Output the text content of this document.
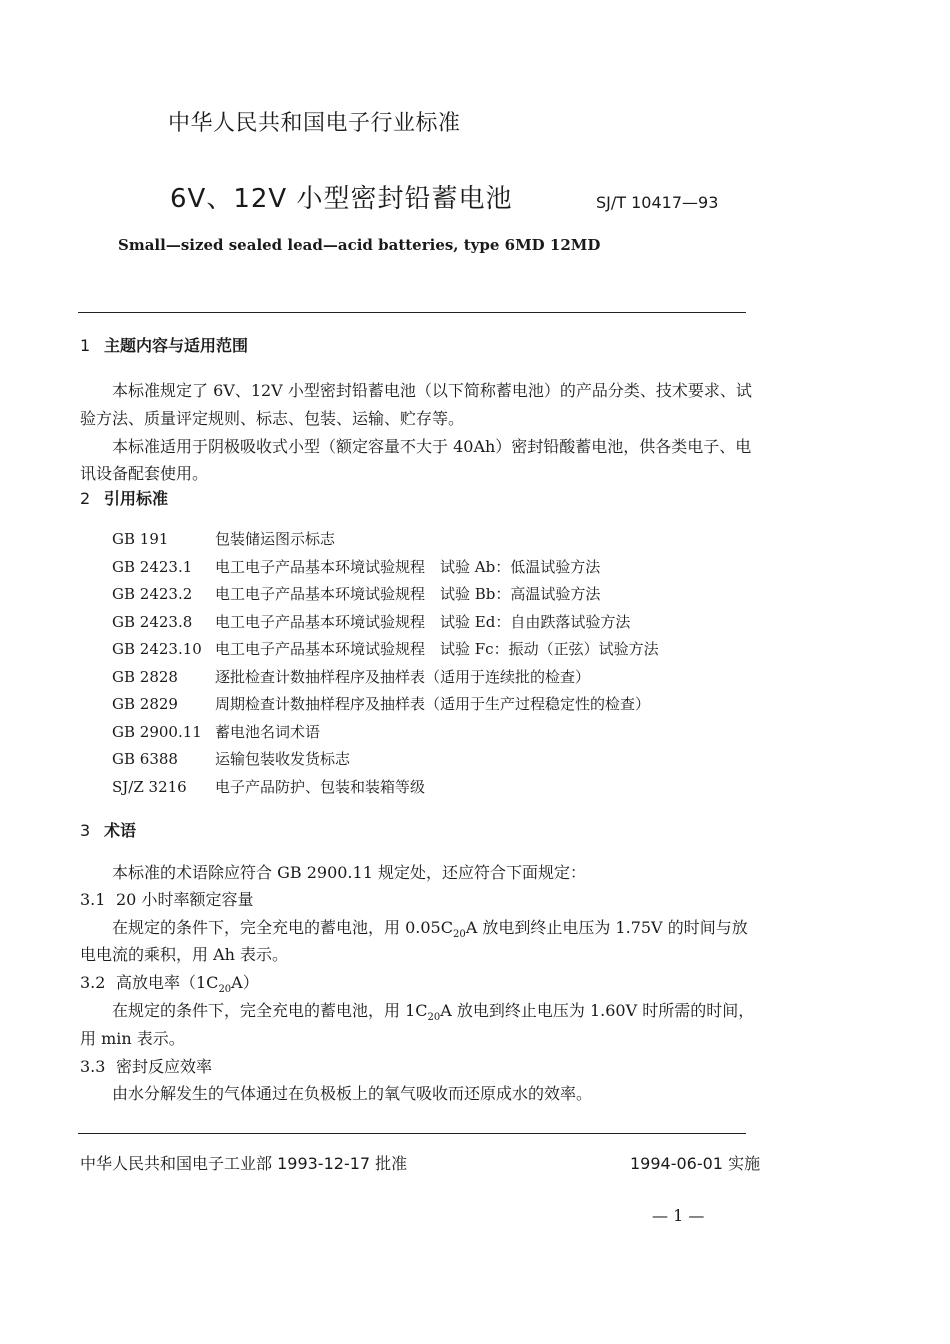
中华人民共和国电子行业标准
6V、12V 小型密封铅蓄电池	SJ/T 10417—93
Small—sized sealed lead—acid batteries, type 6MD 12MD
1 主题内容与适用范围
本标准规定了 6V、12V 小型密封铅蓄电池（以下简称蓄电池）的产品分类、技术要求、试
验方法、质量评定规则、标志、包装、运输、贮存等。
本标准适用于阴极吸收式小型（额定容量不大于 40Ah）密封铅酸蓄电池，供各类电子、电
讯设备配套使用。
2 引用标准
GB 191	包装储运图示标志
GB 2423.1 电工电子产品基本环境试验规程　试验 Ab：低温试验方法
GB 2423.2 电工电子产品基本环境试验规程　试验 Bb：高温试验方法
GB 2423.8 电工电子产品基本环境试验规程　试验 Ed：自由跌落试验方法
GB 2423.10 电工电子产品基本环境试验规程　试验 Fc：振动（正弦）试验方法
GB 2828 逐批检查计数抽样程序及抽样表（适用于连续批的检查）
GB 2829 周期检查计数抽样程序及抽样表（适用于生产过程稳定性的检查）
GB 2900.11 蓄电池名词术语
GB 6388 运输包装收发货标志
SJ/Z 3216 电子产品防护、包装和装箱等级
3 术语
本标准的术语除应符合 GB 2900.11 规定处，还应符合下面规定：
3.1 20 小时率额定容量
在规定的条件下，完全充电的蓄电池，用 $0.05C_{20}A$ 放电到终止电压为 1.75V 的时间与放
电电流的乘积，用 Ah 表示。
3.2 高放电率$(1C_{20}A)$
在规定的条件下，完全充电的蓄电池，用 $1C_{20}A$ 放电到终止电压为 1.60V 时所需的时间，
用 min 表示。
3.3 密封反应效率
由水分解发生的气体通过在负极板上的氧气吸收而还原成水的效率。
中华人民共和国电子工业部 1993-12-17 批准	1994-06-01 实施
— 1 —
